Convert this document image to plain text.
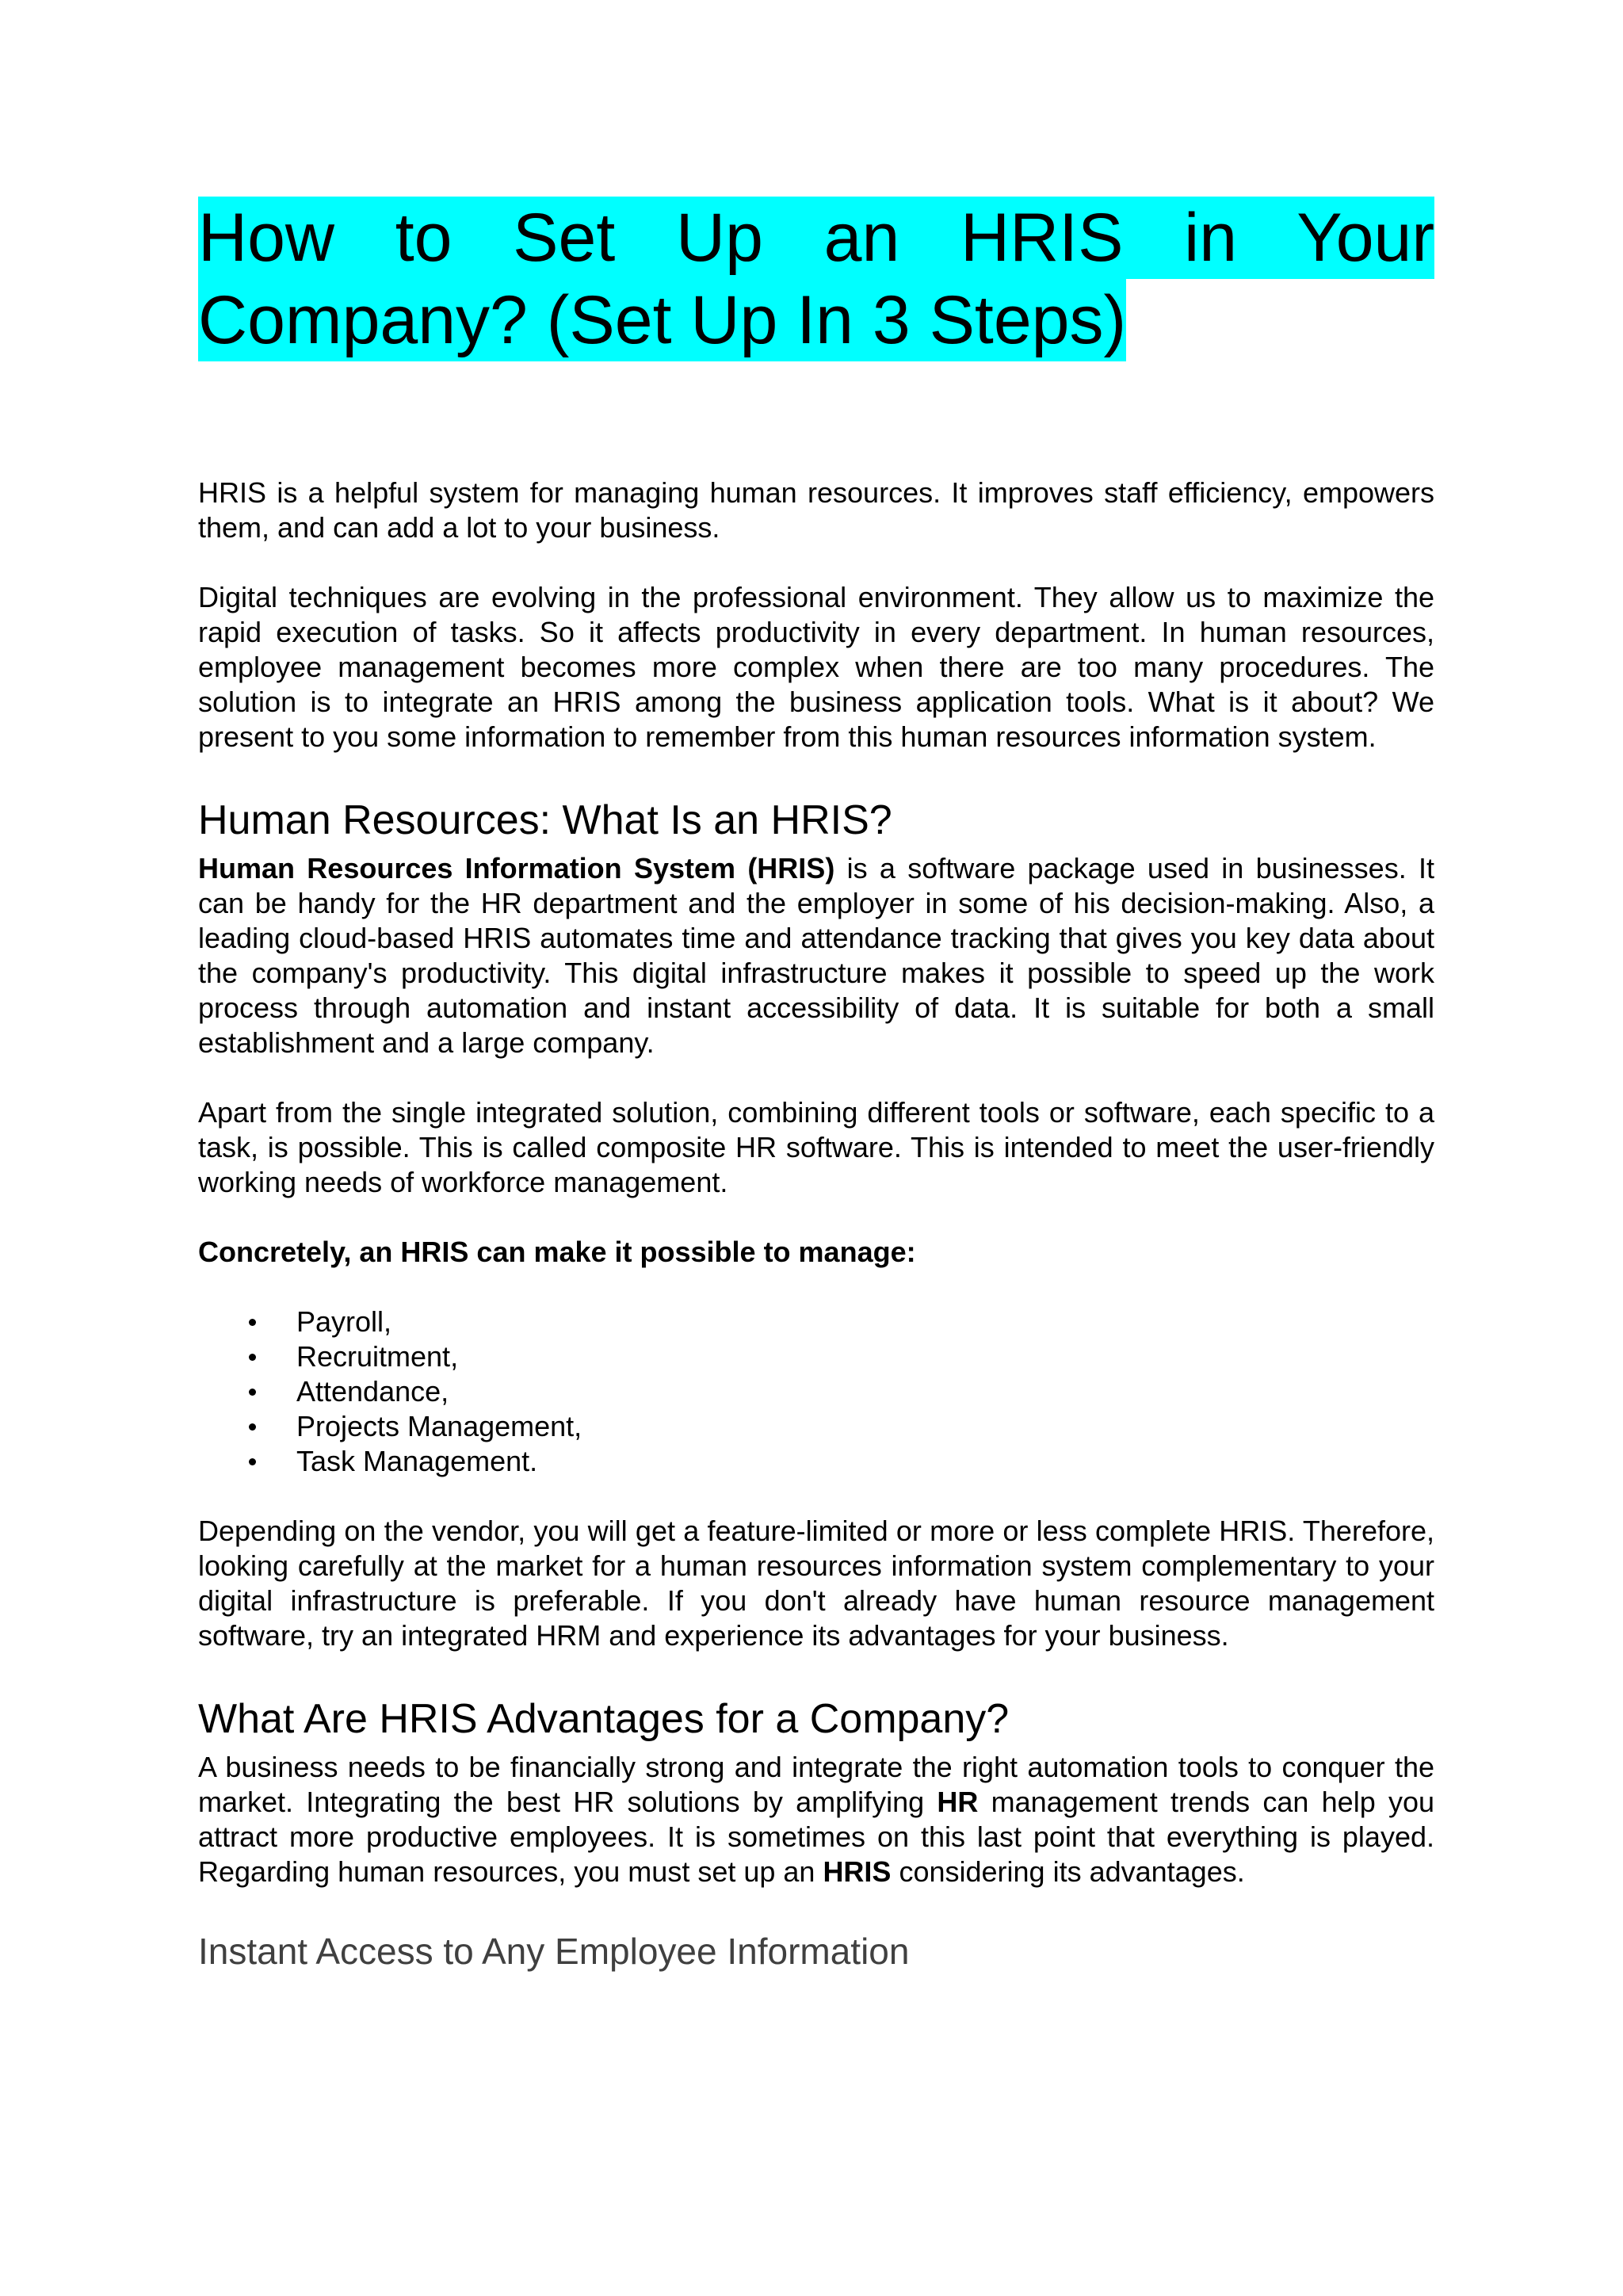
How to Set Up an HRIS in Your Company? (Set Up In 3 Steps)

HRIS is a helpful system for managing human resources. It improves staff efficiency, empowers them, and can add a lot to your business.

Digital techniques are evolving in the professional environment. They allow us to maximize the rapid execution of tasks. So it affects productivity in every department. In human resources, employee management becomes more complex when there are too many procedures. The solution is to integrate an HRIS among the business application tools. What is it about? We present to you some information to remember from this human resources information system.

Human Resources: What Is an HRIS?

Human Resources Information System (HRIS) is a software package used in businesses. It can be handy for the HR department and the employer in some of his decision-making. Also, a leading cloud-based HRIS automates time and attendance tracking that gives you key data about the company's productivity. This digital infrastructure makes it possible to speed up the work process through automation and instant accessibility of data. It is suitable for both a small establishment and a large company.

Apart from the single integrated solution, combining different tools or software, each specific to a task, is possible. This is called composite HR software. This is intended to meet the user-friendly working needs of workforce management.

Concretely, an HRIS can make it possible to manage:

Payroll,
Recruitment,
Attendance,
Projects Management,
Task Management.

Depending on the vendor, you will get a feature-limited or more or less complete HRIS. Therefore, looking carefully at the market for a human resources information system complementary to your digital infrastructure is preferable. If you don't already have human resource management software, try an integrated HRM and experience its advantages for your business.

What Are HRIS Advantages for a Company?

A business needs to be financially strong and integrate the right automation tools to conquer the market. Integrating the best HR solutions by amplifying HR management trends can help you attract more productive employees. It is sometimes on this last point that everything is played. Regarding human resources, you must set up an HRIS considering its advantages.

Instant Access to Any Employee Information
